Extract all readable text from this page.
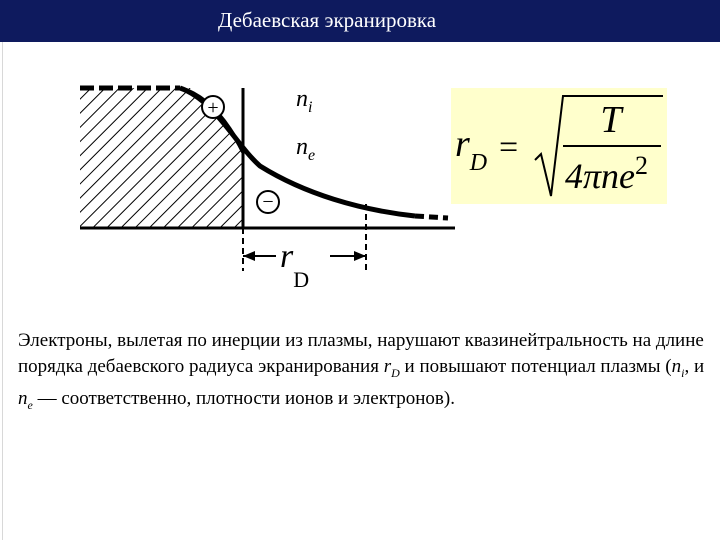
Дебаевская экранировка
+
−
$n_i$
$n_e$
$r_D$
$r_D$ =
T
4πne$^2$

Электроны, вылетая по инерции из плазмы, нарушают квазинейтральность на длине порядка дебаевского радиуса экранирования $r_D$ и повышают потенциал плазмы ($n_i$, и $n_e$ — соответственно, плотности ионов и электронов).
